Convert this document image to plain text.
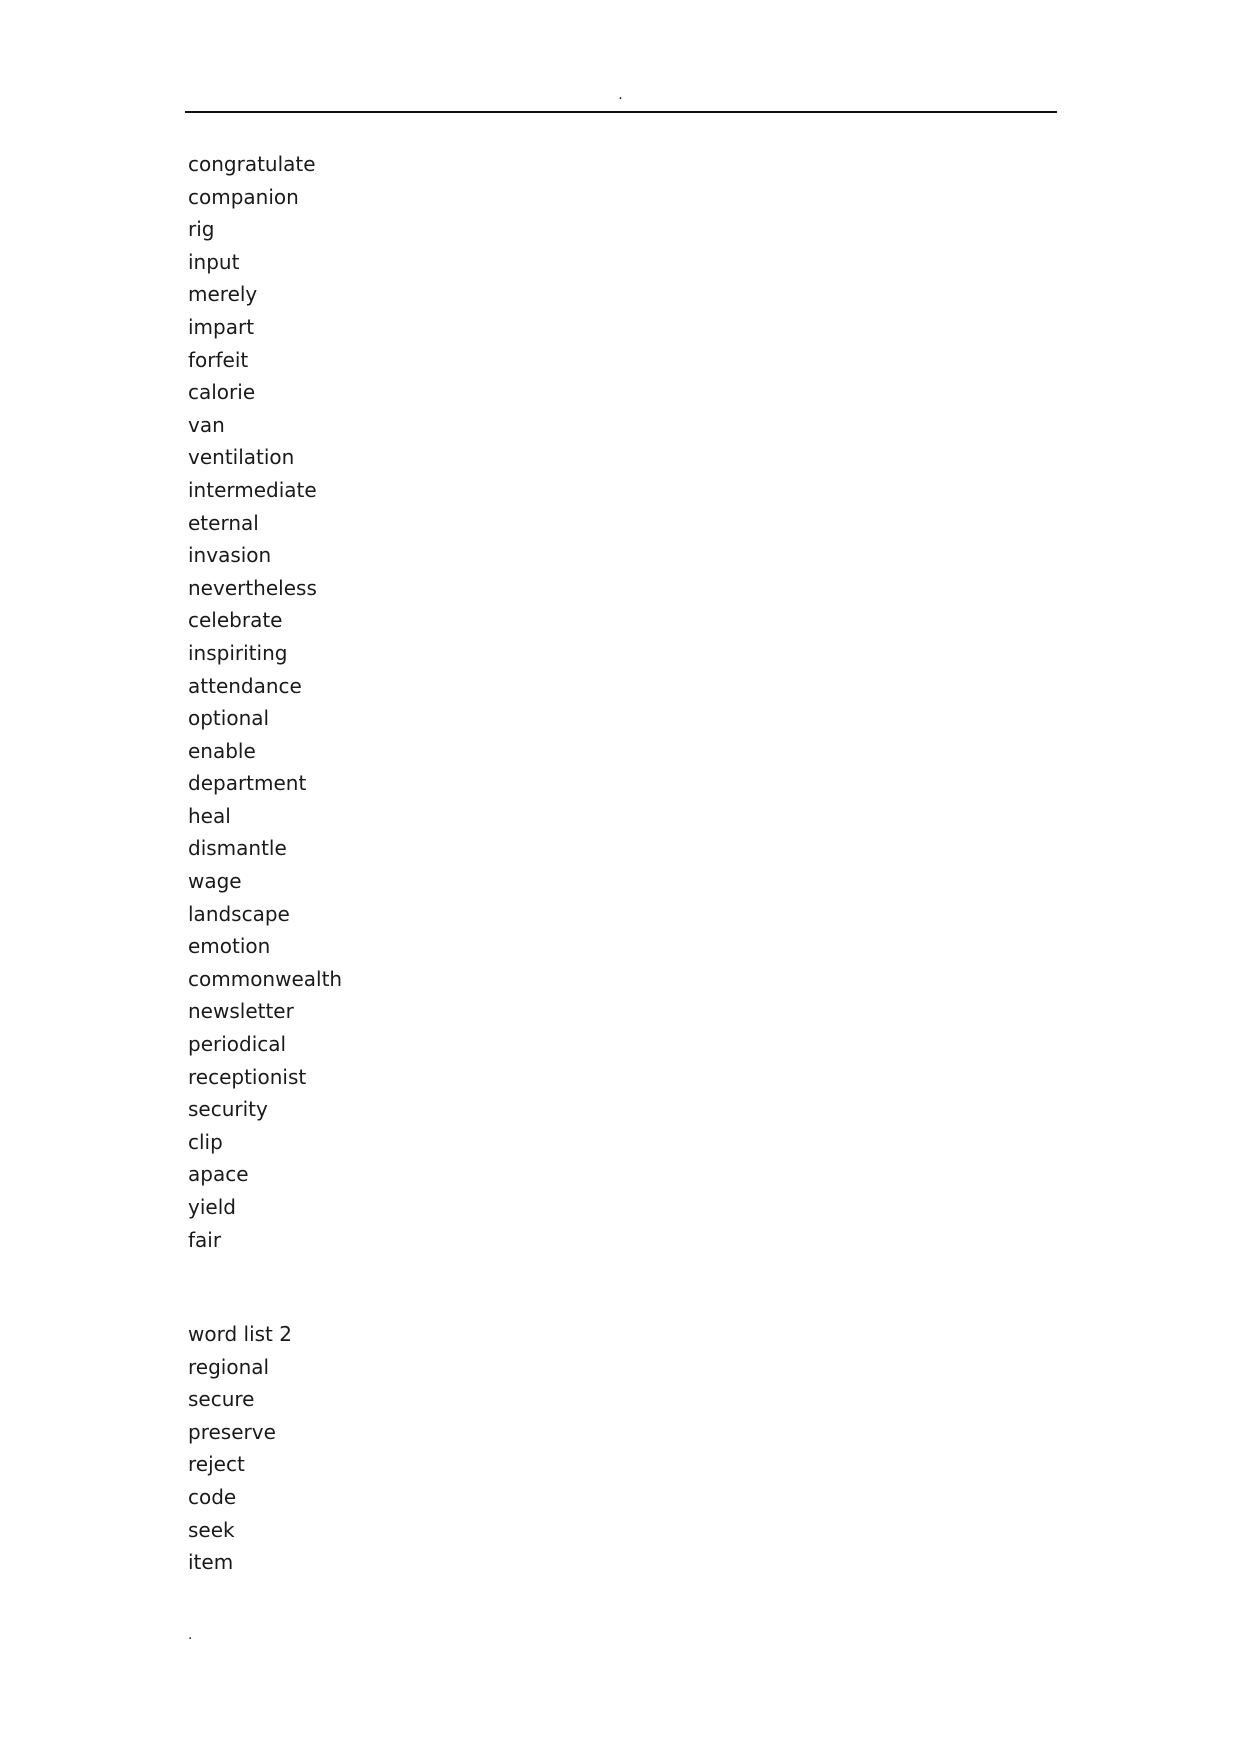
.
congratulate
companion
rig
input
merely
impart
forfeit
calorie
van
ventilation
intermediate
eternal
invasion
nevertheless
celebrate
inspiriting
attendance
optional
enable
department
heal
dismantle
wage
landscape
emotion
commonwealth
newsletter
periodical
receptionist
security
clip
apace
yield
fair
word list 2
regional
secure
preserve
reject
code
seek
item
.
